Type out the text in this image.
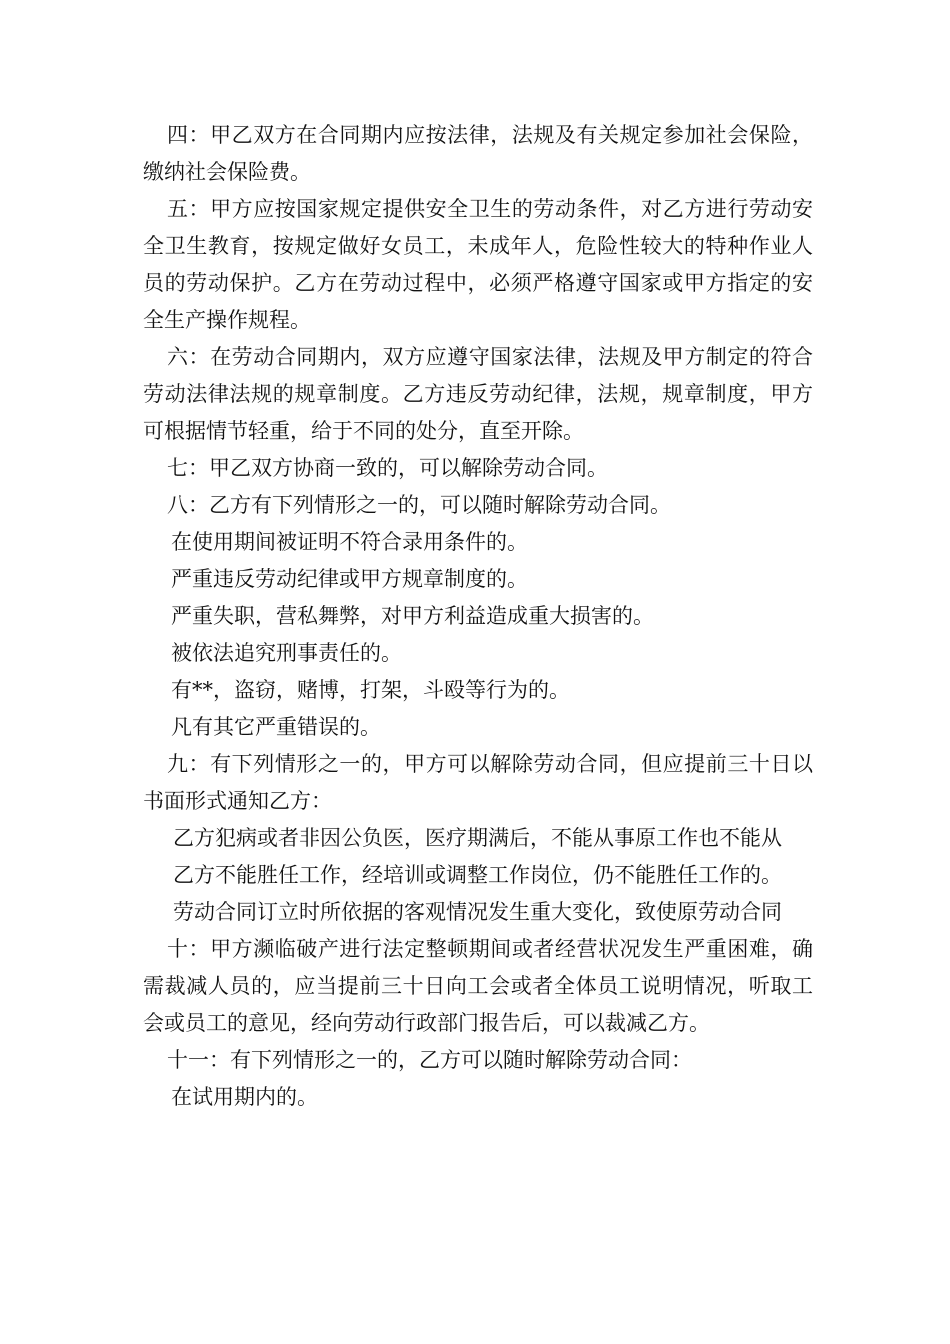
四：甲乙双方在合同期内应按法律，法规及有关规定参加社会保险，缴纳社会保险费。

五：甲方应按国家规定提供安全卫生的劳动条件，对乙方进行劳动安全卫生教育，按规定做好女员工，未成年人，危险性较大的特种作业人员的劳动保护。乙方在劳动过程中，必须严格遵守国家或甲方指定的安全生产操作规程。

六：在劳动合同期内，双方应遵守国家法律，法规及甲方制定的符合劳动法律法规的规章制度。乙方违反劳动纪律，法规，规章制度，甲方可根据情节轻重，给于不同的处分，直至开除。

七：甲乙双方协商一致的，可以解除劳动合同。

八：乙方有下列情形之一的，可以随时解除劳动合同。

在使用期间被证明不符合录用条件的。

严重违反劳动纪律或甲方规章制度的。

严重失职，营私舞弊，对甲方利益造成重大损害的。

被依法追究刑事责任的。

有**，盗窃，赌博，打架，斗殴等行为的。

凡有其它严重错误的。

九：有下列情形之一的，甲方可以解除劳动合同，但应提前三十日以书面形式通知乙方：

乙方犯病或者非因公负医，医疗期满后，不能从事原工作也不能从

乙方不能胜任工作，经培训或调整工作岗位，仍不能胜任工作的。

劳动合同订立时所依据的客观情况发生重大变化，致使原劳动合同

十：甲方濒临破产进行法定整顿期间或者经营状况发生严重困难，确需裁减人员的，应当提前三十日向工会或者全体员工说明情况，听取工会或员工的意见，经向劳动行政部门报告后，可以裁减乙方。

十一：有下列情形之一的，乙方可以随时解除劳动合同：

在试用期内的。
